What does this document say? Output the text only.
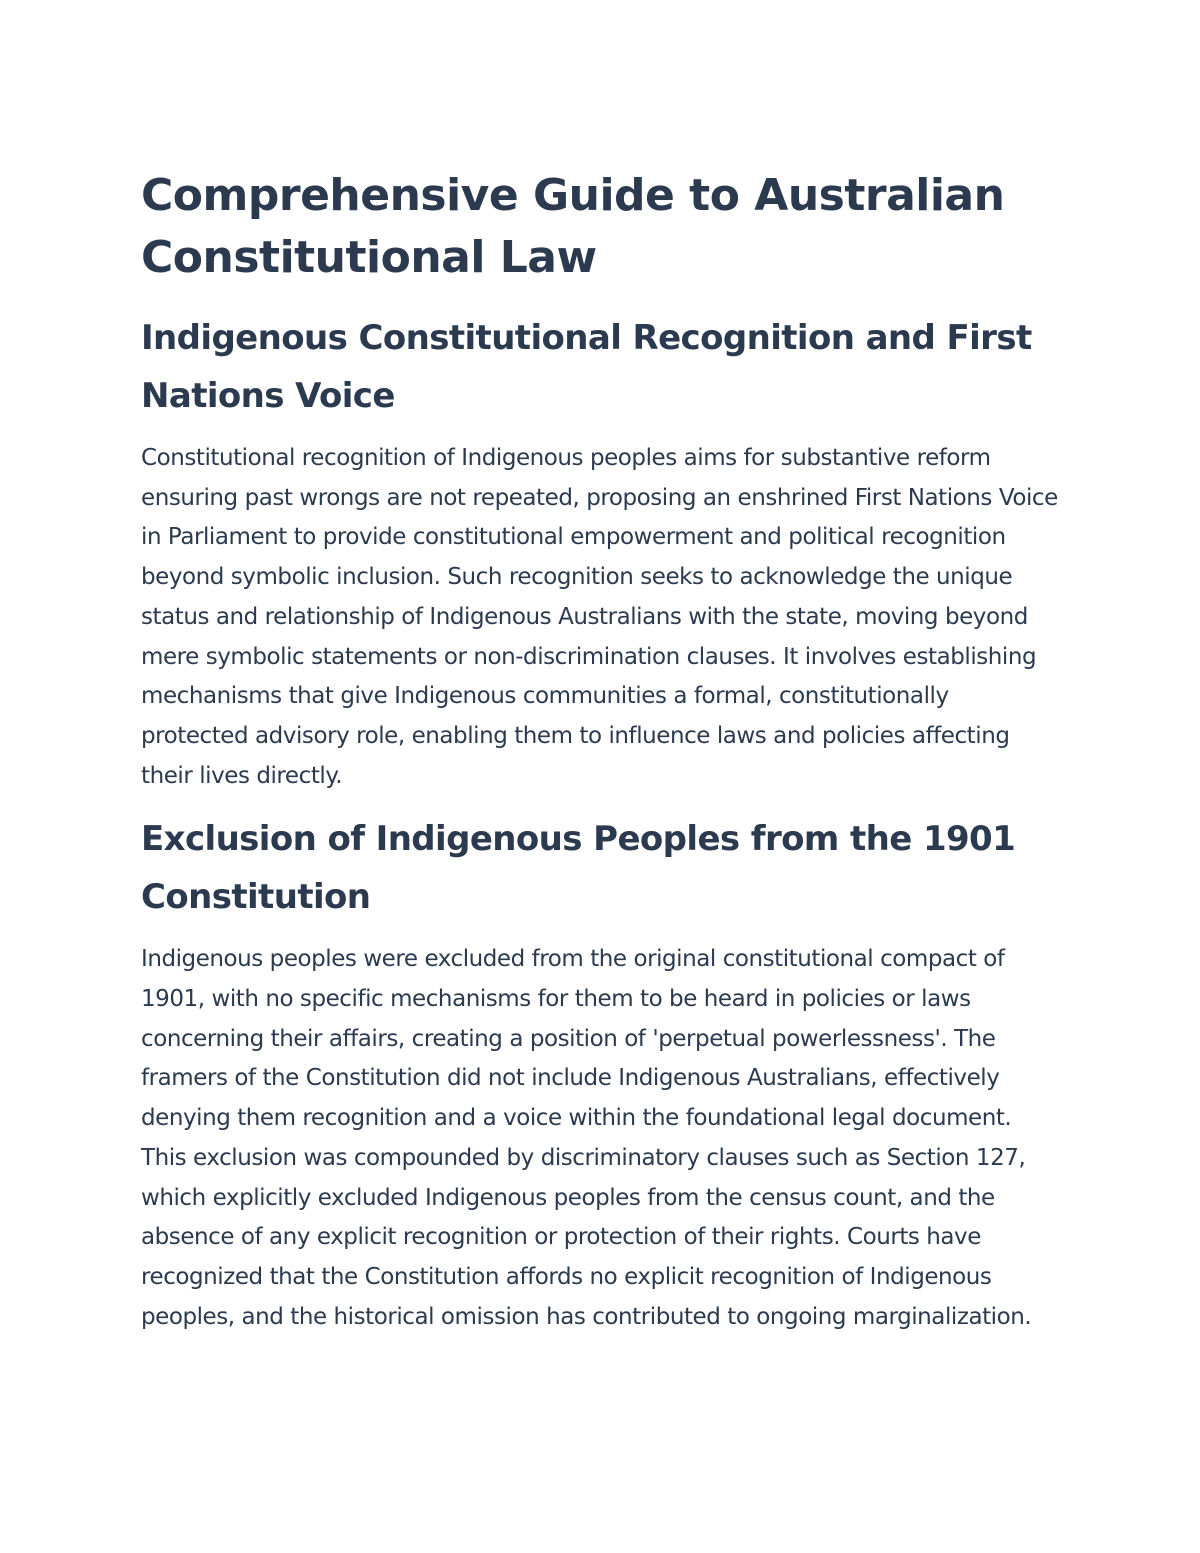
Comprehensive Guide to Australian Constitutional Law
Indigenous Constitutional Recognition and First Nations Voice

Constitutional recognition of Indigenous peoples aims for substantive reform ensuring past wrongs are not repeated, proposing an enshrined First Nations Voice in Parliament to provide constitutional empowerment and political recognition beyond symbolic inclusion. Such recognition seeks to acknowledge the unique status and relationship of Indigenous Australians with the state, moving beyond mere symbolic statements or non-discrimination clauses. It involves establishing mechanisms that give Indigenous communities a formal, constitutionally protected advisory role, enabling them to influence laws and policies affecting their lives directly.

Exclusion of Indigenous Peoples from the 1901 Constitution

Indigenous peoples were excluded from the original constitutional compact of 1901, with no specific mechanisms for them to be heard in policies or laws concerning their affairs, creating a position of 'perpetual powerlessness'. The framers of the Constitution did not include Indigenous Australians, effectively denying them recognition and a voice within the foundational legal document. This exclusion was compounded by discriminatory clauses such as Section 127, which explicitly excluded Indigenous peoples from the census count, and the absence of any explicit recognition or protection of their rights. Courts have recognized that the Constitution affords no explicit recognition of Indigenous peoples, and the historical omission has contributed to ongoing marginalization.
